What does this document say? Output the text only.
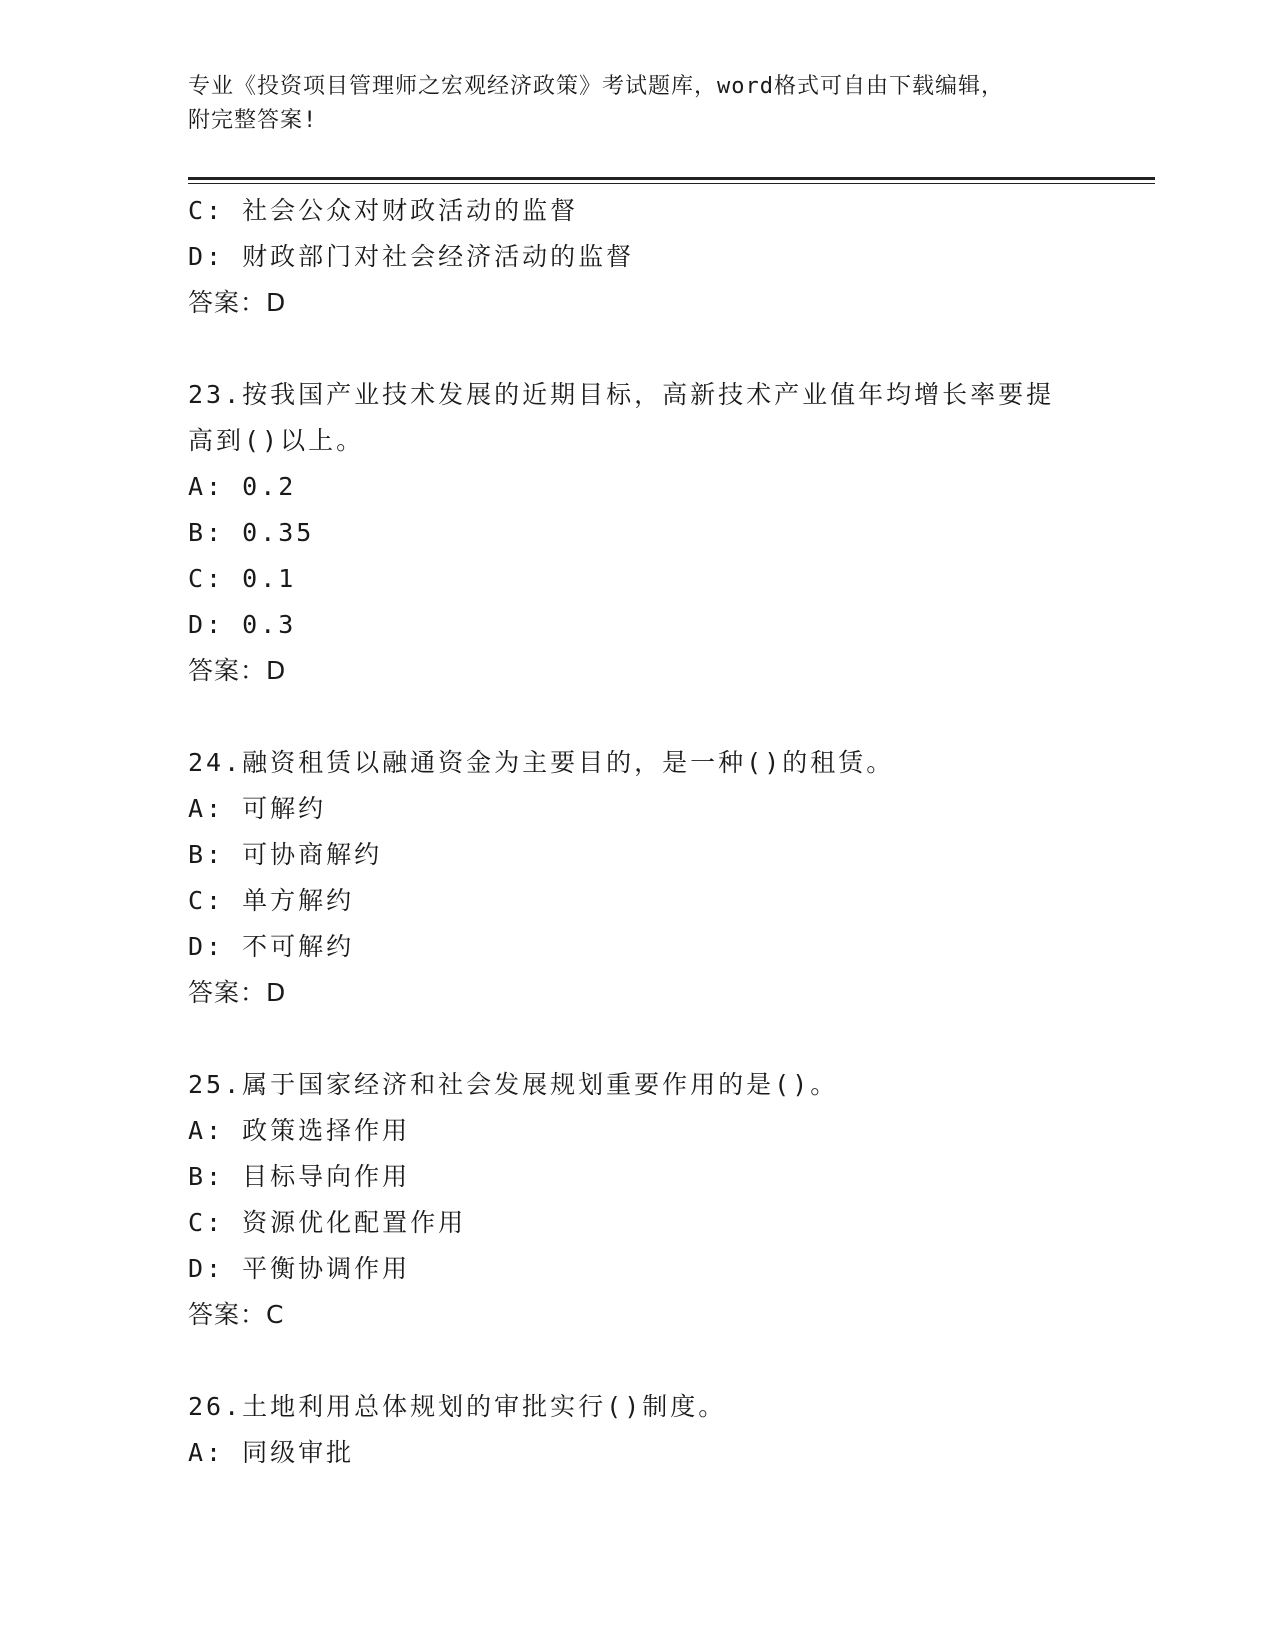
专业《投资项目管理师之宏观经济政策》考试题库，word格式可自由下载编辑，
附完整答案!
C: 社会公众对财政活动的监督
D: 财政部门对社会经济活动的监督
答案：D
23.按我国产业技术发展的近期目标，高新技术产业值年均增长率要提
高到()以上。
A: 0.2
B: 0.35
C: 0.1
D: 0.3
答案：D
24.融资租赁以融通资金为主要目的，是一种()的租赁。
A: 可解约
B: 可协商解约
C: 单方解约
D: 不可解约
答案：D
25.属于国家经济和社会发展规划重要作用的是()。
A: 政策选择作用
B: 目标导向作用
C: 资源优化配置作用
D: 平衡协调作用
答案：C
26.土地利用总体规划的审批实行()制度。
A: 同级审批
